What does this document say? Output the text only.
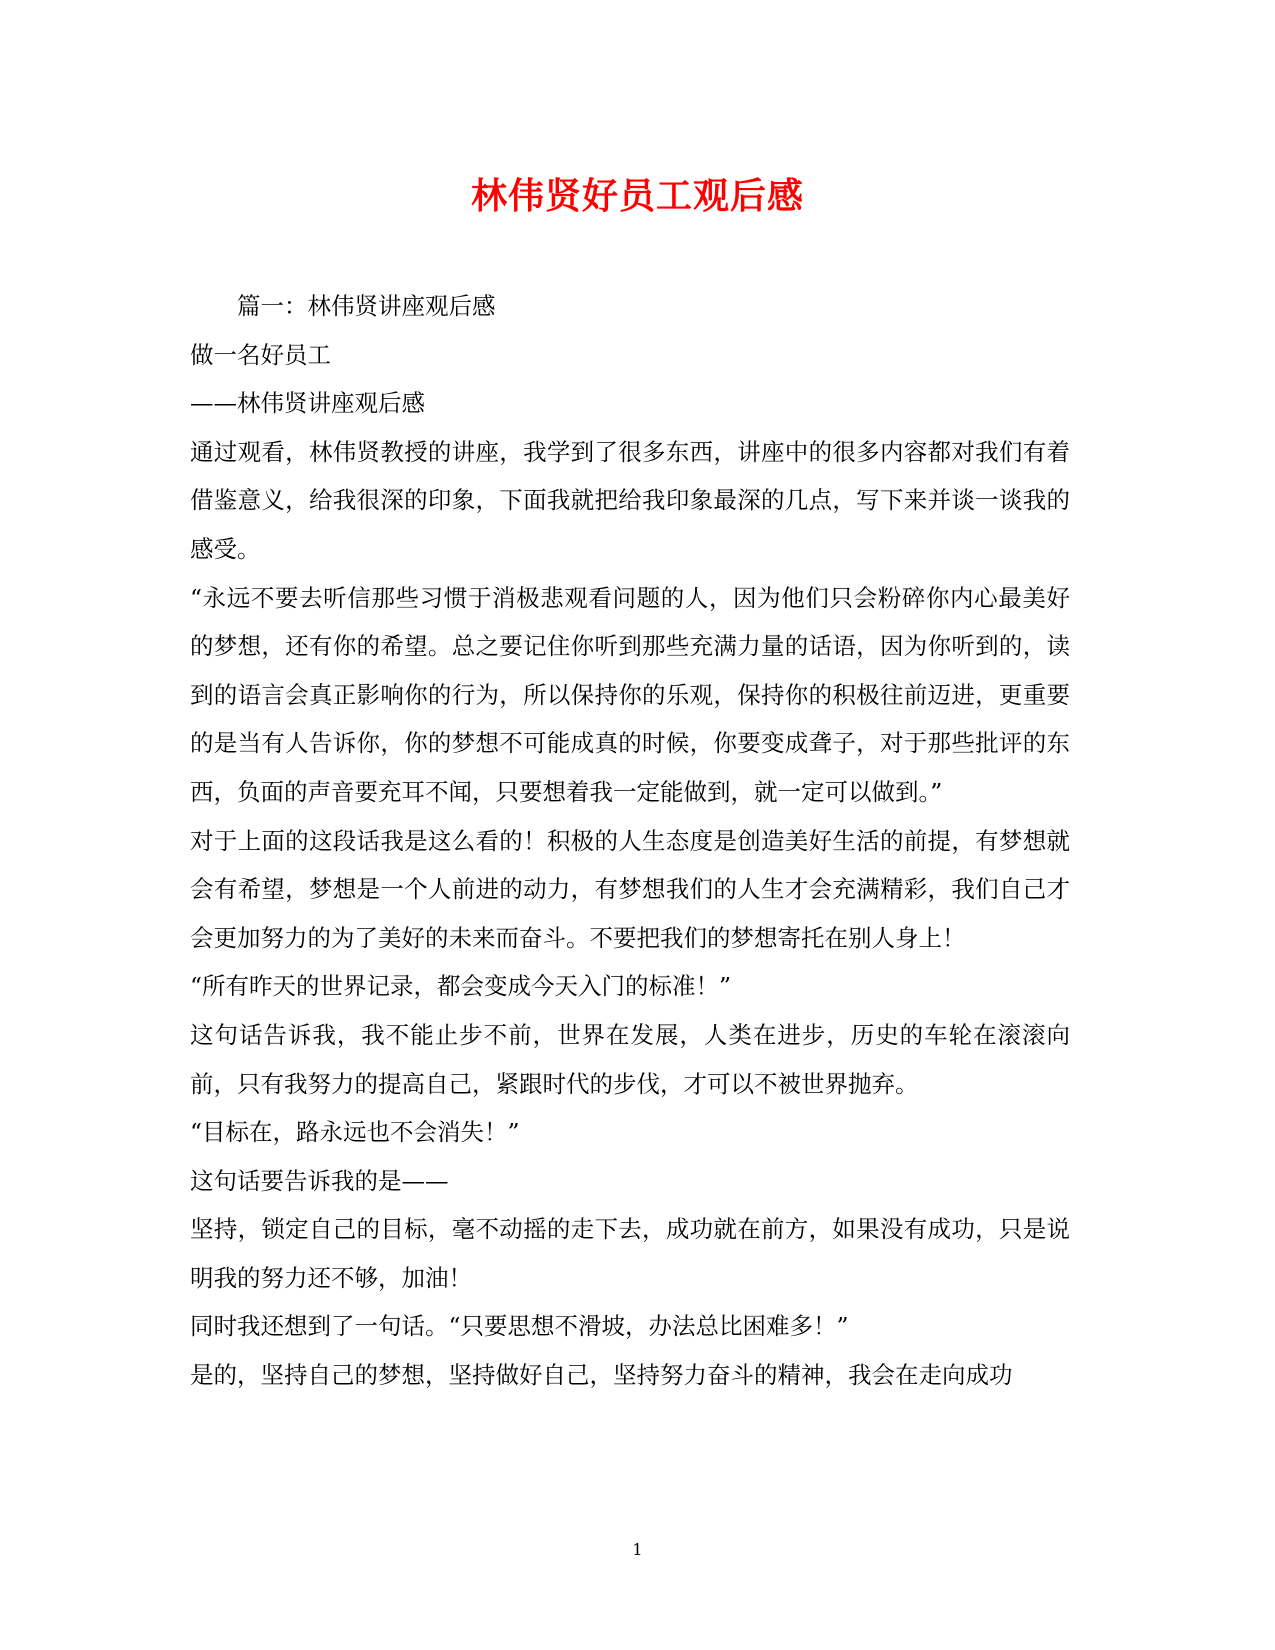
林伟贤好员工观后感

篇一：林伟贤讲座观后感

做一名好员工

——林伟贤讲座观后感

通过观看，林伟贤教授的讲座，我学到了很多东西，讲座中的很多内容都对我们有着借鉴意义，给我很深的印象，下面我就把给我印象最深的几点，写下来并谈一谈我的感受。

“永远不要去听信那些习惯于消极悲观看问题的人，因为他们只会粉碎你内心最美好的梦想，还有你的希望。总之要记住你听到那些充满力量的话语，因为你听到的，读到的语言会真正影响你的行为，所以保持你的乐观，保持你的积极往前迈进，更重要的是当有人告诉你，你的梦想不可能成真的时候，你要变成聋子，对于那些批评的东西，负面的声音要充耳不闻，只要想着我一定能做到，就一定可以做到。”

对于上面的这段话我是这么看的！积极的人生态度是创造美好生活的前提，有梦想就会有希望，梦想是一个人前进的动力，有梦想我们的人生才会充满精彩，我们自己才会更加努力的为了美好的未来而奋斗。不要把我们的梦想寄托在别人身上！

“所有昨天的世界记录，都会变成今天入门的标准！”

这句话告诉我，我不能止步不前，世界在发展，人类在进步，历史的车轮在滚滚向前，只有我努力的提高自己，紧跟时代的步伐，才可以不被世界抛弃。

“目标在，路永远也不会消失！”

这句话要告诉我的是——

坚持，锁定自己的目标，毫不动摇的走下去，成功就在前方，如果没有成功，只是说明我的努力还不够，加油！

同时我还想到了一句话。“只要思想不滑坡，办法总比困难多！”

是的，坚持自己的梦想，坚持做好自己，坚持努力奋斗的精神，我会在走向成功

1
